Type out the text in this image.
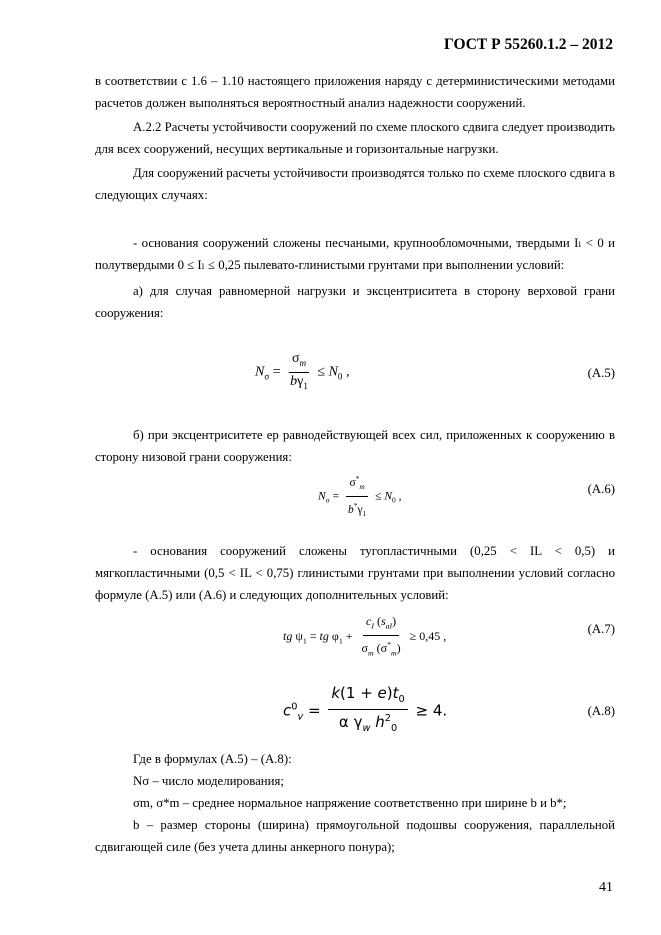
ГОСТ Р 55260.1.2 – 2012

в соответствии с 1.6 – 1.10 настоящего приложения наряду с детерминистическими методами расчетов должен выполняться вероятностный анализ надежности сооружений.

А.2.2 Расчеты устойчивости сооружений по схеме плоского сдвига следует производить для всех сооружений, несущих вертикальные и горизонтальные нагрузки.

Для сооружений расчеты устойчивости производятся только по схеме плоского сдвига в следующих случаях:

- основания сооружений сложены песчаными, крупнообломочными, твердыми Iₗ < 0 и полутвердыми 0 ≤ Iₗ ≤ 0,25 пылевато-глинистыми грунтами при выполнении условий:

а) для случая равномерной нагрузки и эксцентриситета в сторону верховой грани сооружения:

$N_\sigma = \frac{\sigma_m}{b\gamma_1} \le N_0$ ,	(А.5)

б) при эксцентриситете eр равнодействующей всех сил, приложенных к сооружению в сторону низовой грани сооружения:

$N_\sigma = \frac{\sigma^*_m}{b^*\gamma_1} \le N_0$ ,
(А.6)

- основания сооружений сложены тугопластичными (0,25 < IL < 0,5) и мягкопластичными (0,5 < IL < 0,75) глинистыми грунтами при выполнении условий согласно формуле (А.5) или (А.6) и следующих дополнительных условий:

tg $\psi_1$ = tg $\varphi_1 + \frac{c_I (s_{aI})}{\sigma_m (\sigma^*_m)} \ge 0,45$ ,
(А.7)
$c^0_v = \frac{k(1 + e)t_0}{\alpha \gamma_w h^2_0} \ge 4$.	(А.8)

Где в формулах (А.5) – (А.8):

Nσ – число моделирования;

σm, σ*m – среднее нормальное напряжение соответственно при ширине b и b*;

b – размер стороны (ширина) прямоугольной подошвы сооружения, параллельной сдвигающей силе (без учета длины анкерного понура);

41
